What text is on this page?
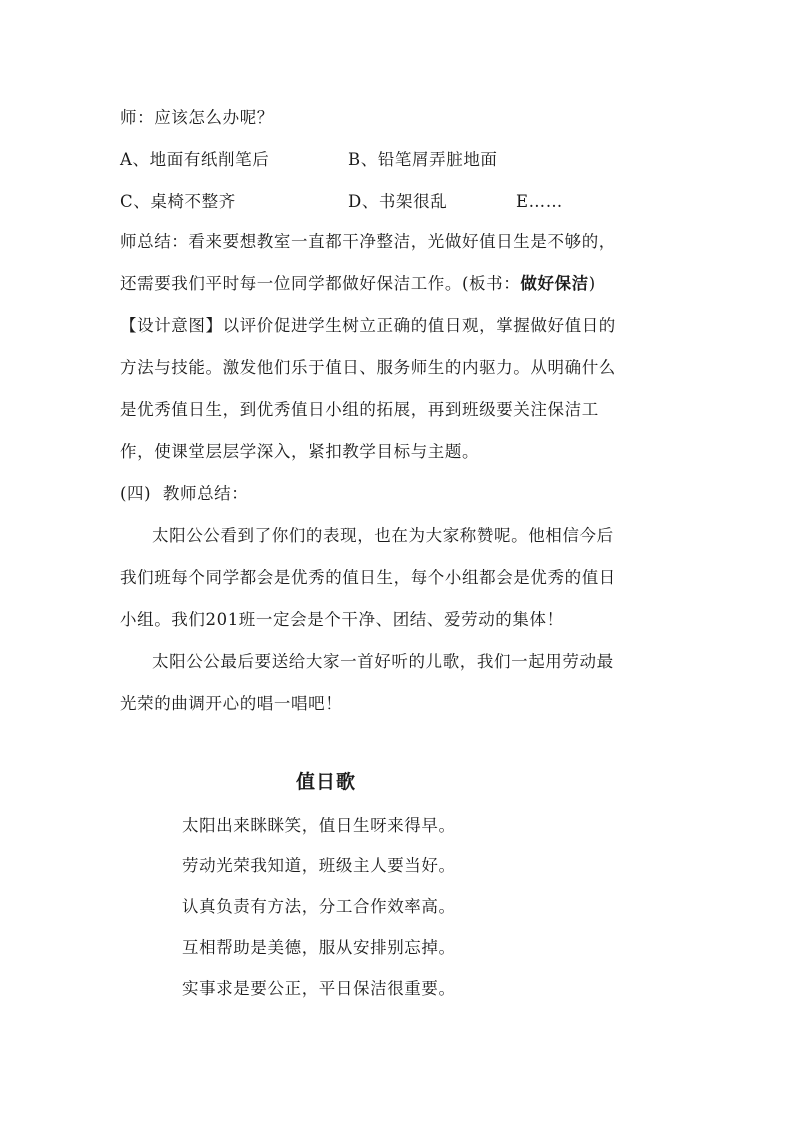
师：应该怎么办呢？
A、地面有纸削笔后	B、铅笔屑弄脏地面
C、桌椅不整齐	D、书架很乱	E……
师总结：看来要想教室一直都干净整洁，光做好值日生是不够的，
还需要我们平时每一位同学都做好保洁工作。(板书：做好保洁)
【设计意图】以评价促进学生树立正确的值日观，掌握做好值日的
方法与技能。激发他们乐于值日、服务师生的内驱力。从明确什么
是优秀值日生，到优秀值日小组的拓展，再到班级要关注保洁工
作，使课堂层层学深入，紧扣教学目标与主题。
(四)  教师总结：
太阳公公看到了你们的表现，也在为大家称赞呢。他相信今后
我们班每个同学都会是优秀的值日生，每个小组都会是优秀的值日
小组。我们201班一定会是个干净、团结、爱劳动的集体！
太阳公公最后要送给大家一首好听的儿歌，我们一起用劳动最
光荣的曲调开心的唱一唱吧！
值日歌
太阳出来眯眯笑，值日生呀来得早。
劳动光荣我知道，班级主人要当好。
认真负责有方法，分工合作效率高。
互相帮助是美德，服从安排别忘掉。
实事求是要公正，平日保洁很重要。
